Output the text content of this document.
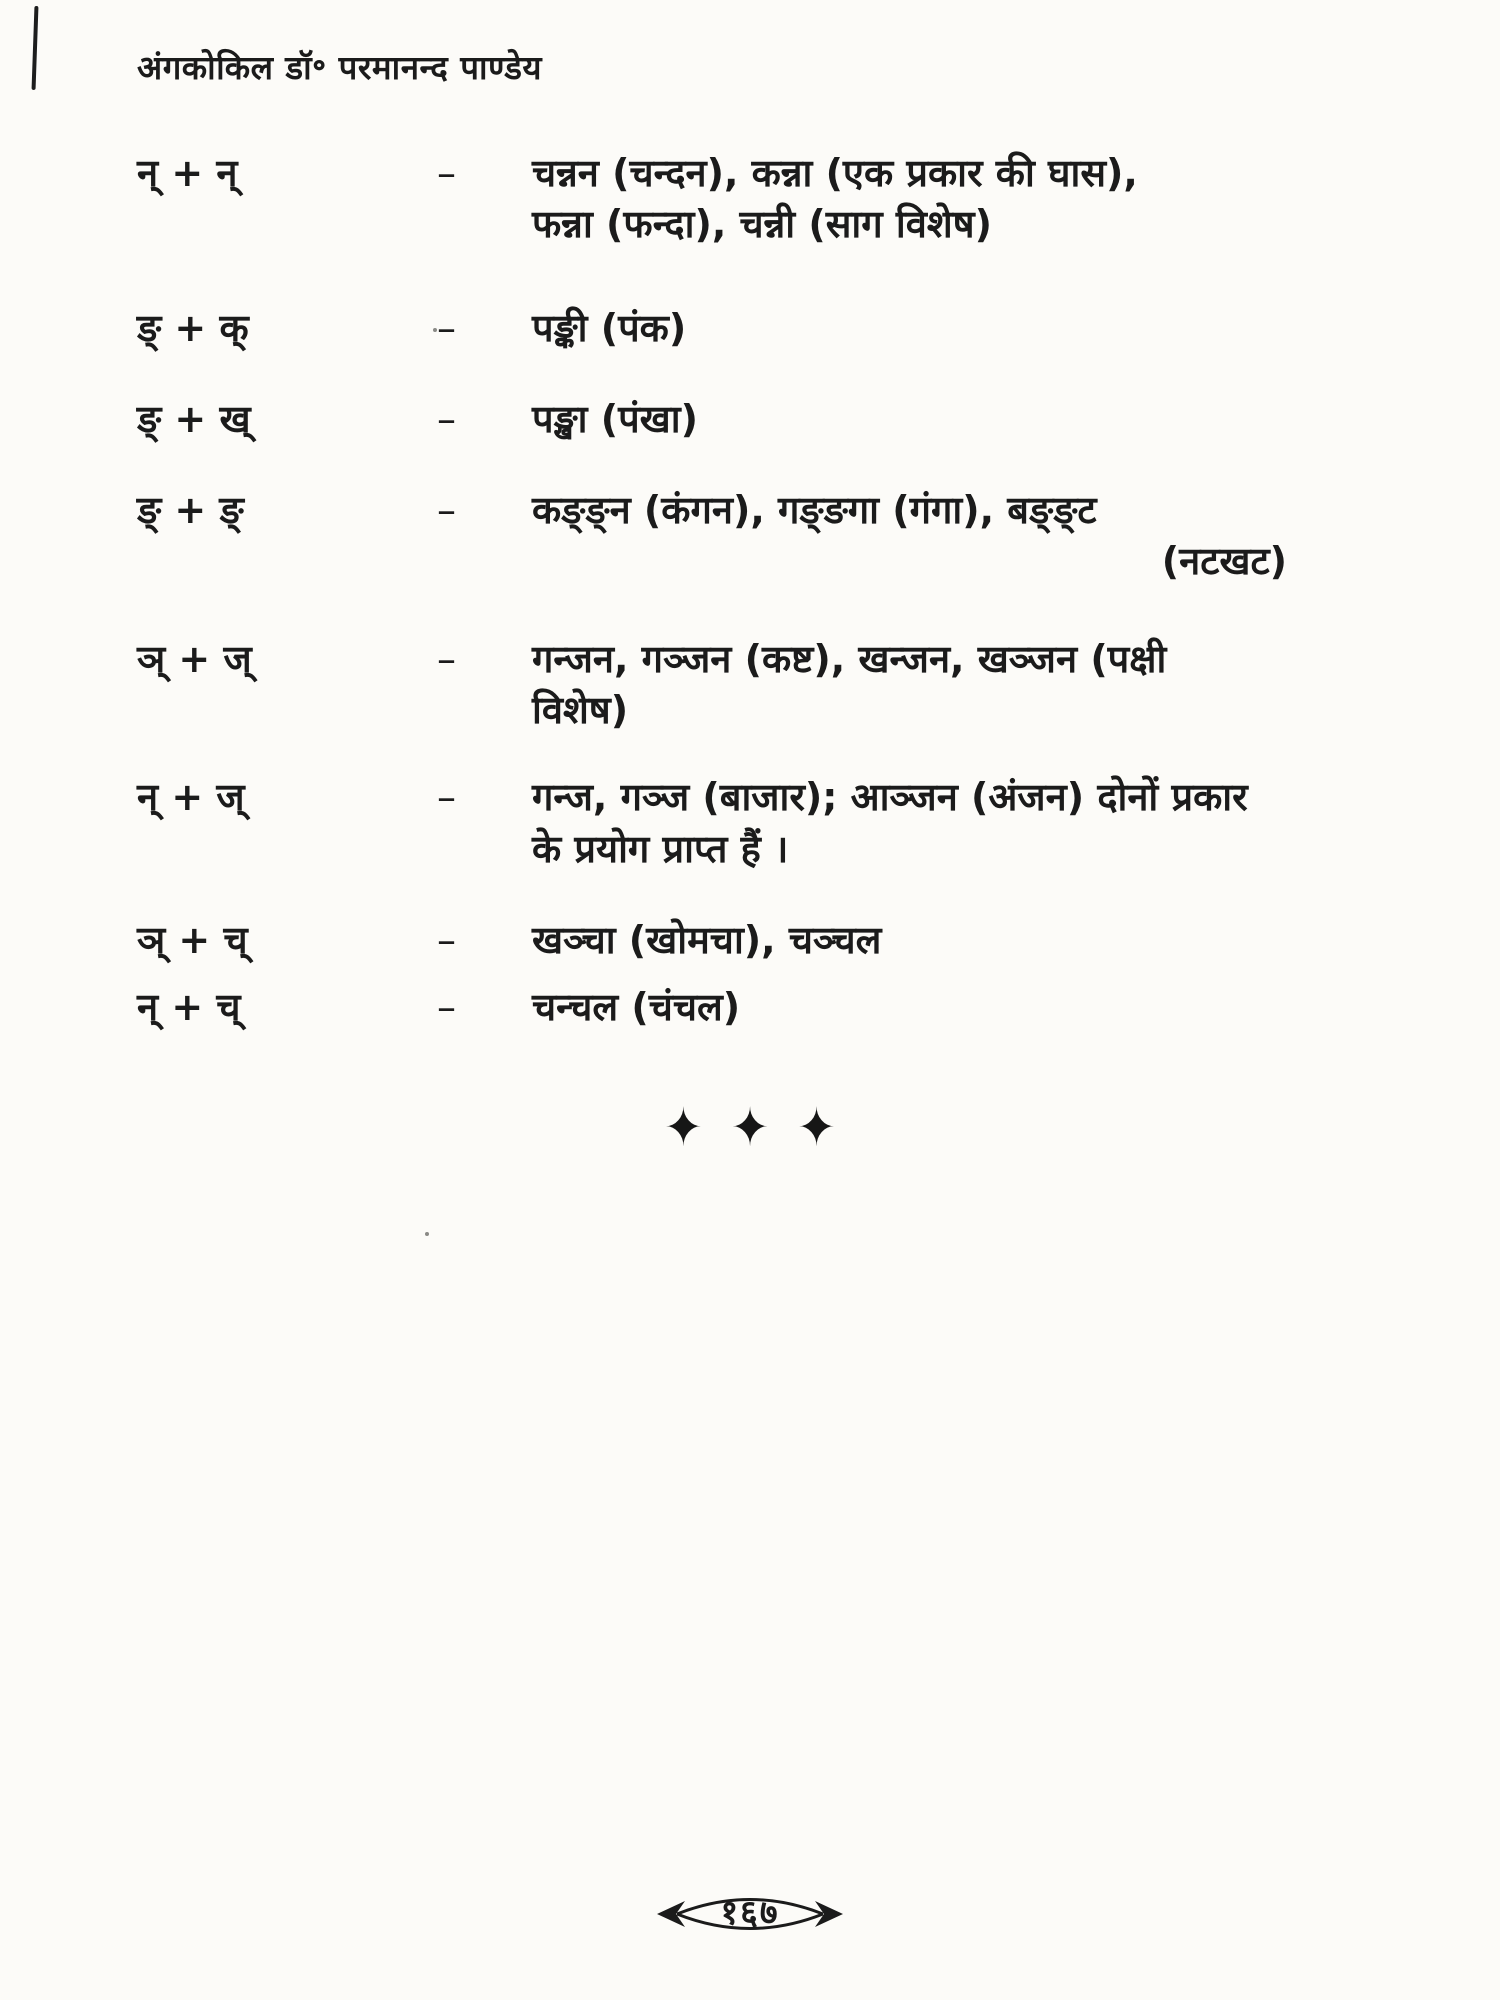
अंगकोकिल डॉ॰ परमानन्द पाण्डेय
न् + न्	–	चन्नन (चन्दन), कन्ना (एक प्रकार की घास),
फन्ना (फन्दा), चन्नी (साग विशेष)
ङ् + क्	–	पङ्की (पंक)
ङ् + ख्	–	पङ्खा (पंखा)
ङ् + ङ्	–	कङ्ङ्न (कंगन), गङ्ङगा (गंगा), बङ्ङ्ट
(नटखट)
ञ् + ज्	–	गन्जन, गञ्जन (कष्ट), खन्जन, खञ्जन (पक्षी
विशेष)
न् + ज्	–	गन्ज, गञ्ज (बाजार); आञ्जन (अंजन) दोनों प्रकार
के प्रयोग प्राप्त हैं ।
ञ् + च्	–	खञ्चा (खोमचा), चञ्चल
न् + च्	–	चन्चल (चंचल)
✦ ✦ ✦
१६७
